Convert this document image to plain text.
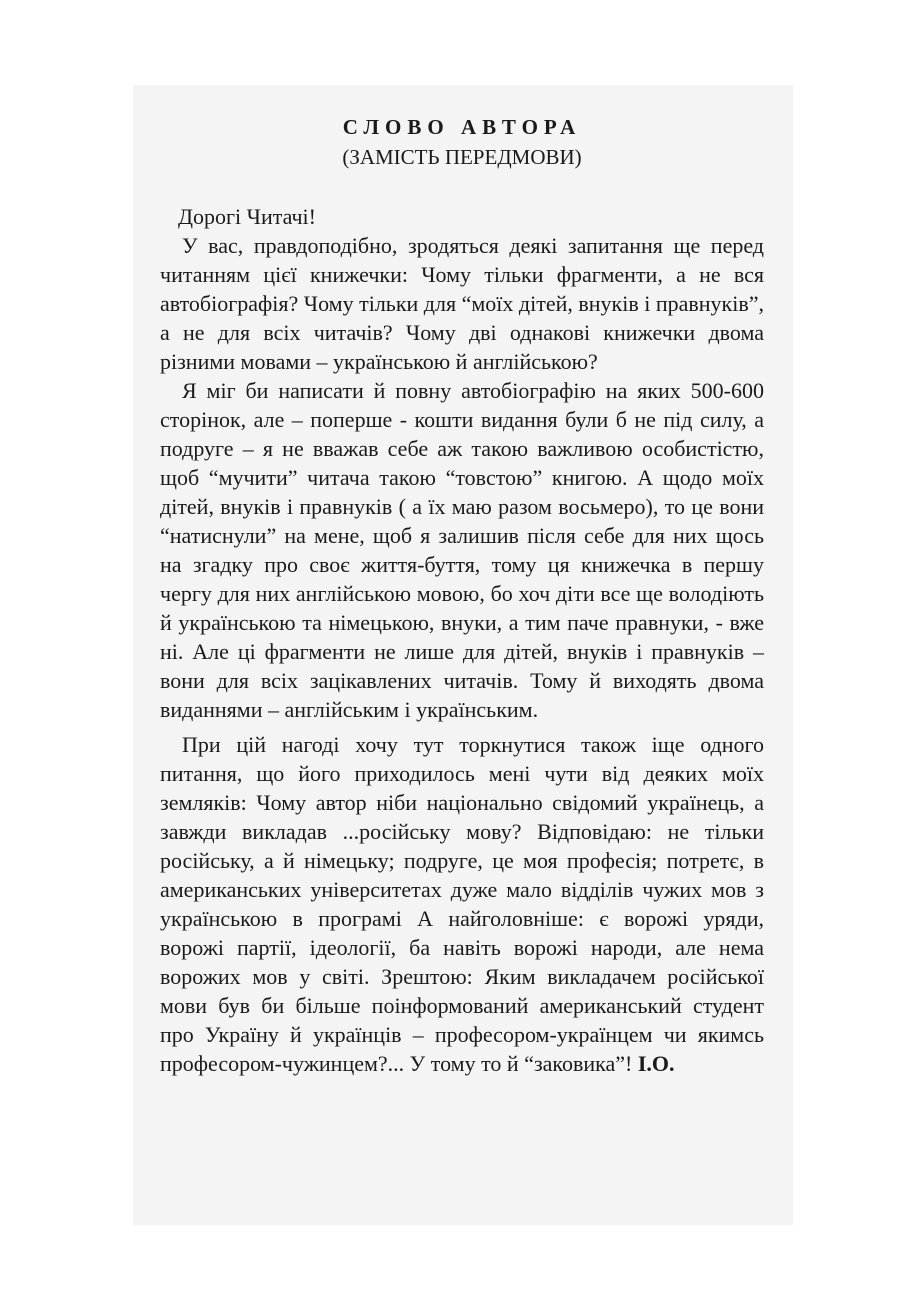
СЛОВО АВТОРА
(ЗАМІСТЬ ПЕРЕДМОВИ)
Дорогі Читачі!

У вас, правдоподібно, зродяться деякі запитання ще перед читанням цієї книжечки: Чому тільки фрагменти, а не вся автобіографія? Чому тільки для “моїх дітей, внуків і правнуків”, а не для всіх читачів? Чому дві однакові книжечки двома різними мовами – українською й англійською?

Я міг би написати й повну автобіографію на яких 500-600 сторінок, але – поперше - кошти видання були б не під силу, а подруге – я не вважав себе аж такою важливою особистістю, щоб “мучити” читача такою “товстою” книгою. А щодо моїх дітей, внуків і правнуків ( а їх маю разом восьмеро), то це вони “натиснули” на мене, щоб я залишив після себе для них щось на згадку про своє життя-буття, тому ця книжечка в першу чергу для них англійською мовою, бо хоч діти все ще володіють й українською та німецькою, внуки, а тим паче правнуки, - вже ні. Але ці фрагменти не лише для дітей, внуків і правнуків – вони для всіх зацікавлених читачів. Тому й виходять двома виданнями – англійським і українським.

При цій нагоді хочу тут торкнутися також іще одного питання, що його приходилось мені чути від деяких моїх земляків: Чому автор ніби національно свідомий українець, а завжди викладав ...російську мову? Відповідаю: не тільки російську, а й німецьку; подруге, це моя професія; потретє, в американських університетах дуже мало відділів чужих мов з українською в програмі А найголовніше: є ворожі уряди, ворожі партії, ідеології, ба навіть ворожі народи, але нема ворожих мов у світі. Зрештою: Яким викладачем російської мови був би більше поінформований американський студент про Україну й українців – професором-українцем чи якимсь професором-чужинцем?... У тому то й “заковика”! І.О.
